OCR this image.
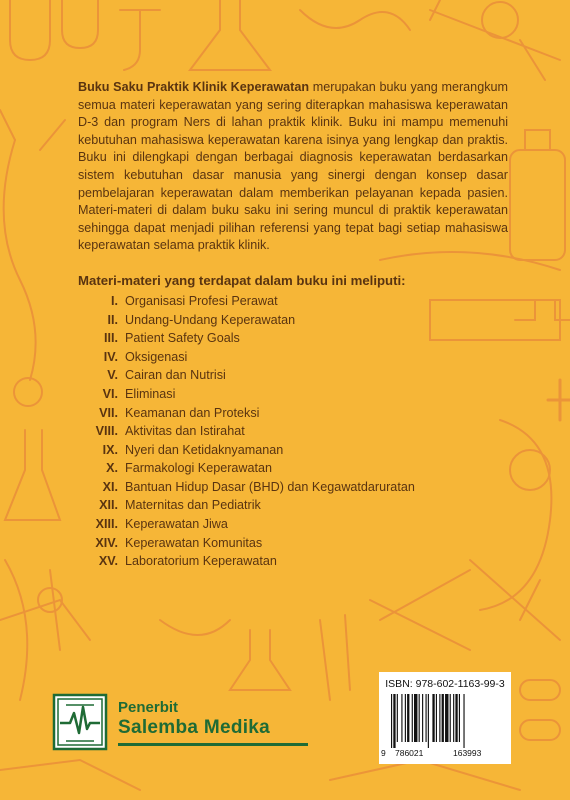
Buku Saku Praktik Klinik Keperawatan merupakan buku yang merangkum semua materi keperawatan yang sering diterapkan mahasiswa keperawatan D-3 dan program Ners di lahan praktik klinik. Buku ini mampu memenuhi kebutuhan mahasiswa keperawatan karena isinya yang lengkap dan praktis. Buku ini dilengkapi dengan berbagai diagnosis keperawatan berdasarkan sistem kebutuhan dasar manusia yang sinergi dengan konsep dasar pembelajaran keperawatan dalam memberikan pelayanan kepada pasien. Materi-materi di dalam buku saku ini sering muncul di praktik keperawatan sehingga dapat menjadi pilihan referensi yang tepat bagi setiap mahasiswa keperawatan selama praktik klinik.

Materi-materi yang terdapat dalam buku ini meliputi:
I. Organisasi Profesi Perawat
II. Undang-Undang Keperawatan
III. Patient Safety Goals
IV. Oksigenasi
V. Cairan dan Nutrisi
VI. Eliminasi
VII. Keamanan dan Proteksi
VIII. Aktivitas dan Istirahat
IX. Nyeri dan Ketidaknyamanan
X. Farmakologi Keperawatan
XI. Bantuan Hidup Dasar (BHD) dan Kegawatdaruratan
XII. Maternitas dan Pediatrik
XIII. Keperawatan Jiwa
XIV. Keperawatan Komunitas
XV. Laboratorium Keperawatan
Penerbit
Salemba Medika
ISBN: 978-602-1163-99-3
9 786021	163993
